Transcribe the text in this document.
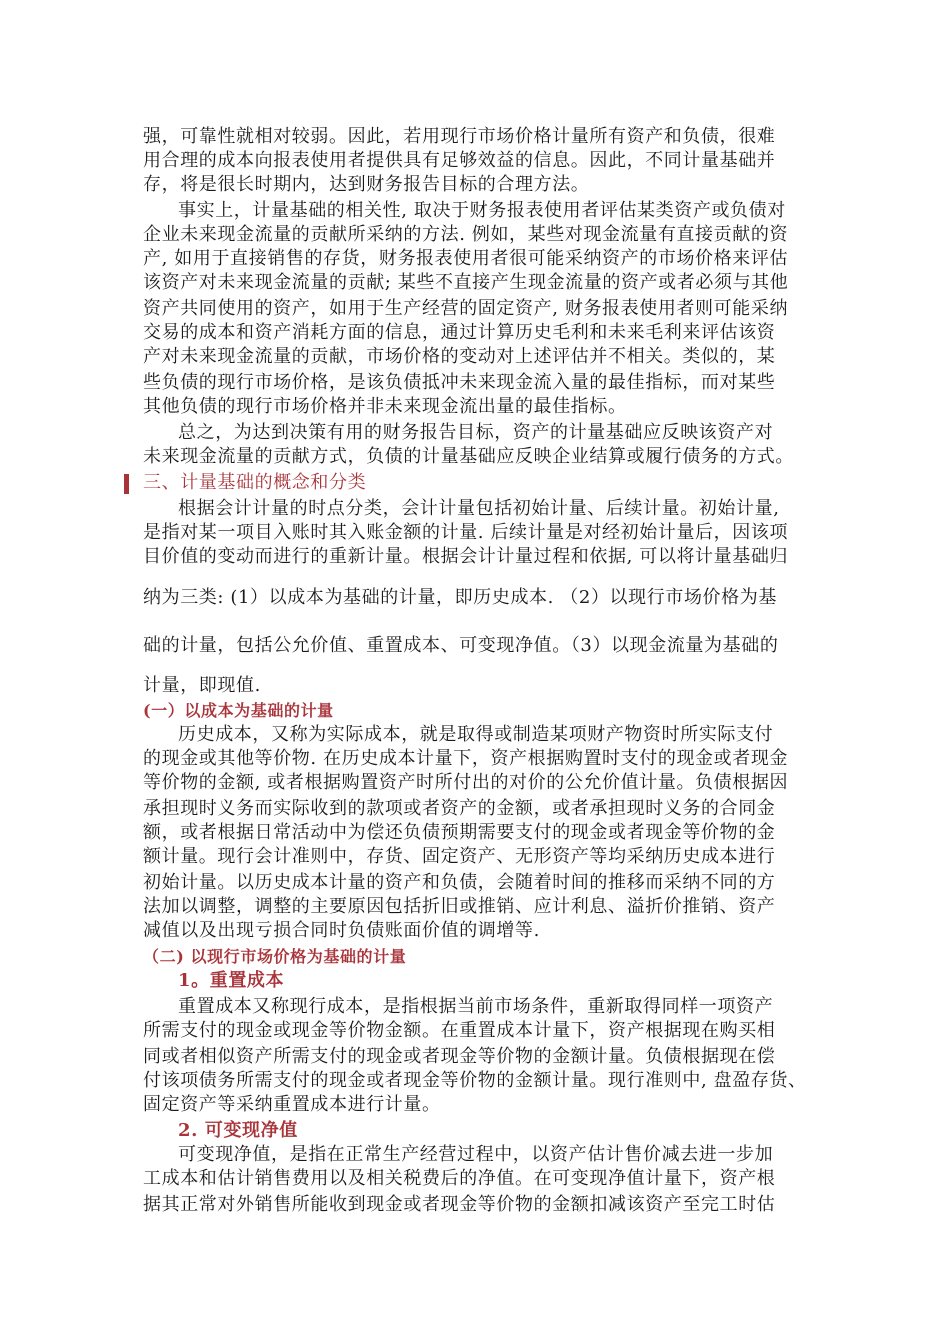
强，可靠性就相对较弱。因此，若用现行市场价格计量所有资产和负债，很难
用合理的成本向报表使用者提供具有足够效益的信息。因此，不同计量基础并
存，将是很长时期内，达到财务报告目标的合理方法。
事实上，计量基础的相关性, 取决于财务报表使用者评估某类资产或负债对
企业未来现金流量的贡献所采纳的方法. 例如，某些对现金流量有直接贡献的资
产, 如用于直接销售的存货，财务报表使用者很可能采纳资产的市场价格来评估
该资产对未来现金流量的贡献; 某些不直接产生现金流量的资产或者必须与其他
资产共同使用的资产，如用于生产经营的固定资产, 财务报表使用者则可能采纳
交易的成本和资产消耗方面的信息，通过计算历史毛利和未来毛利来评估该资
产对未来现金流量的贡献，市场价格的变动对上述评估并不相关。类似的，某
些负债的现行市场价格，是该负债抵冲未来现金流入量的最佳指标，而对某些
其他负债的现行市场价格并非未来现金流出量的最佳指标。
总之，为达到决策有用的财务报告目标，资产的计量基础应反映该资产对
未来现金流量的贡献方式，负债的计量基础应反映企业结算或履行债务的方式。
三、计量基础的概念和分类
根据会计计量的时点分类，会计计量包括初始计量、后续计量。初始计量,
是指对某一项目入账时其入账金额的计量. 后续计量是对经初始计量后，因该项
目价值的变动而进行的重新计量。根据会计计量过程和依据, 可以将计量基础归
纳为三类: (1）以成本为基础的计量，即历史成本. （2）以现行市场价格为基
础的计量，包括公允价值、重置成本、可变现净值。（3）以现金流量为基础的
计量，即现值.
(一）以成本为基础的计量
历史成本，又称为实际成本，就是取得或制造某项财产物资时所实际支付
的现金或其他等价物. 在历史成本计量下，资产根据购置时支付的现金或者现金
等价物的金额, 或者根据购置资产时所付出的对价的公允价值计量。负债根据因
承担现时义务而实际收到的款项或者资产的金额，或者承担现时义务的合同金
额，或者根据日常活动中为偿还负债预期需要支付的现金或者现金等价物的金
额计量。现行会计准则中，存货、固定资产、无形资产等均采纳历史成本进行
初始计量。以历史成本计量的资产和负债，会随着时间的推移而采纳不同的方
法加以调整，调整的主要原因包括折旧或推销、应计利息、溢折价推销、资产
减值以及出现亏损合同时负债账面价值的调增等.
（二) 以现行市场价格为基础的计量
1。重置成本
重置成本又称现行成本，是指根据当前市场条件，重新取得同样一项资产
所需支付的现金或现金等价物金额。在重置成本计量下，资产根据现在购买相
同或者相似资产所需支付的现金或者现金等价物的金额计量。负债根据现在偿
付该项债务所需支付的现金或者现金等价物的金额计量。现行准则中, 盘盈存货、
固定资产等采纳重置成本进行计量。
2. 可变现净值
可变现净值，是指在正常生产经营过程中，以资产估计售价减去进一步加
工成本和估计销售费用以及相关税费后的净值。在可变现净值计量下，资产根
据其正常对外销售所能收到现金或者现金等价物的金额扣减该资产至完工时估
